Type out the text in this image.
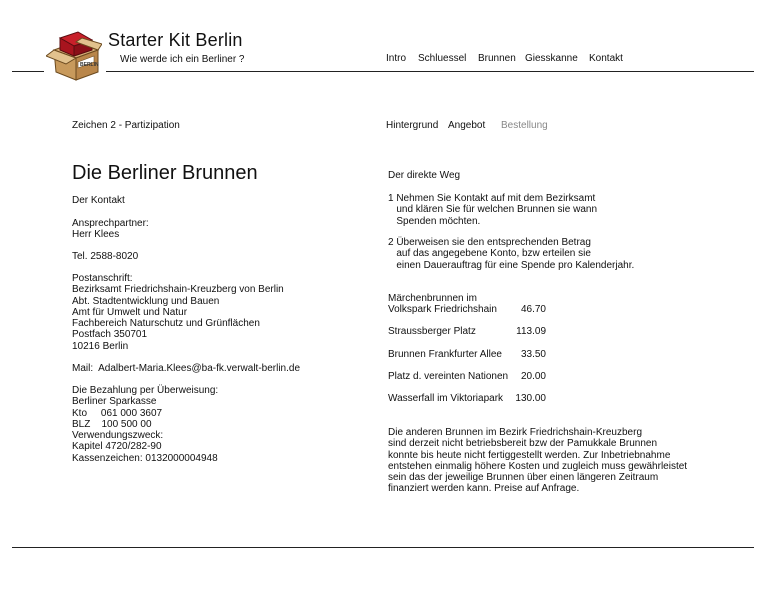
BERLIN
Starter Kit Berlin
Wie werde ich ein Berliner ?	Intro Schluessel Brunnen Giesskanne Kontakt
Zeichen 2 - Partizipation	Hintergrund Angebot Bestellung
Die Berliner Brunnen
Der Kontakt
Ansprechpartner:
Herr Klees
Tel. 2588-8020
Postanschrift:
Bezirksamt Friedrichshain-Kreuzberg von Berlin
Abt. Stadtentwicklung und Bauen
Amt für Umwelt und Natur
Fachbereich Naturschutz und Grünflächen
Postfach 350701
10216 Berlin
Mail:  Adalbert-Maria.Klees@ba-fk.verwalt-berlin.de
Die Bezahlung per Überweisung:
Berliner Sparkasse
Kto     061 000 3607
BLZ    100 500 00
Verwendungszweck:
Kapitel 4720/282-90
Kassenzeichen: 0132000004948
Der direkte Weg
1 Nehmen Sie Kontakt auf mit dem Bezirksamt
und klären Sie für welchen Brunnen sie wann
Spenden möchten.
2 Überweisen sie den entsprechenden Betrag
auf das angegebene Konto, bzw erteilen sie
einen Dauerauftrag für eine Spende pro Kalenderjahr.
Märchenbrunnen im
Volkspark Friedrichshain	46.70
Straussberger Platz	113.09
Brunnen Frankfurter Allee	33.50
Platz d. vereinten Nationen	20.00
Wasserfall im Viktoriapark	130.00
Die anderen Brunnen im Bezirk Friedrichshain-Kreuzberg
sind derzeit nicht betriebsbereit bzw der Pamukkale Brunnen
konnte bis heute nicht fertiggestellt werden. Zur Inbetriebnahme
entstehen einmalig höhere Kosten und zugleich muss gewährleistet
sein das der jeweilige Brunnen über einen längeren Zeitraum
finanziert werden kann. Preise auf Anfrage.
